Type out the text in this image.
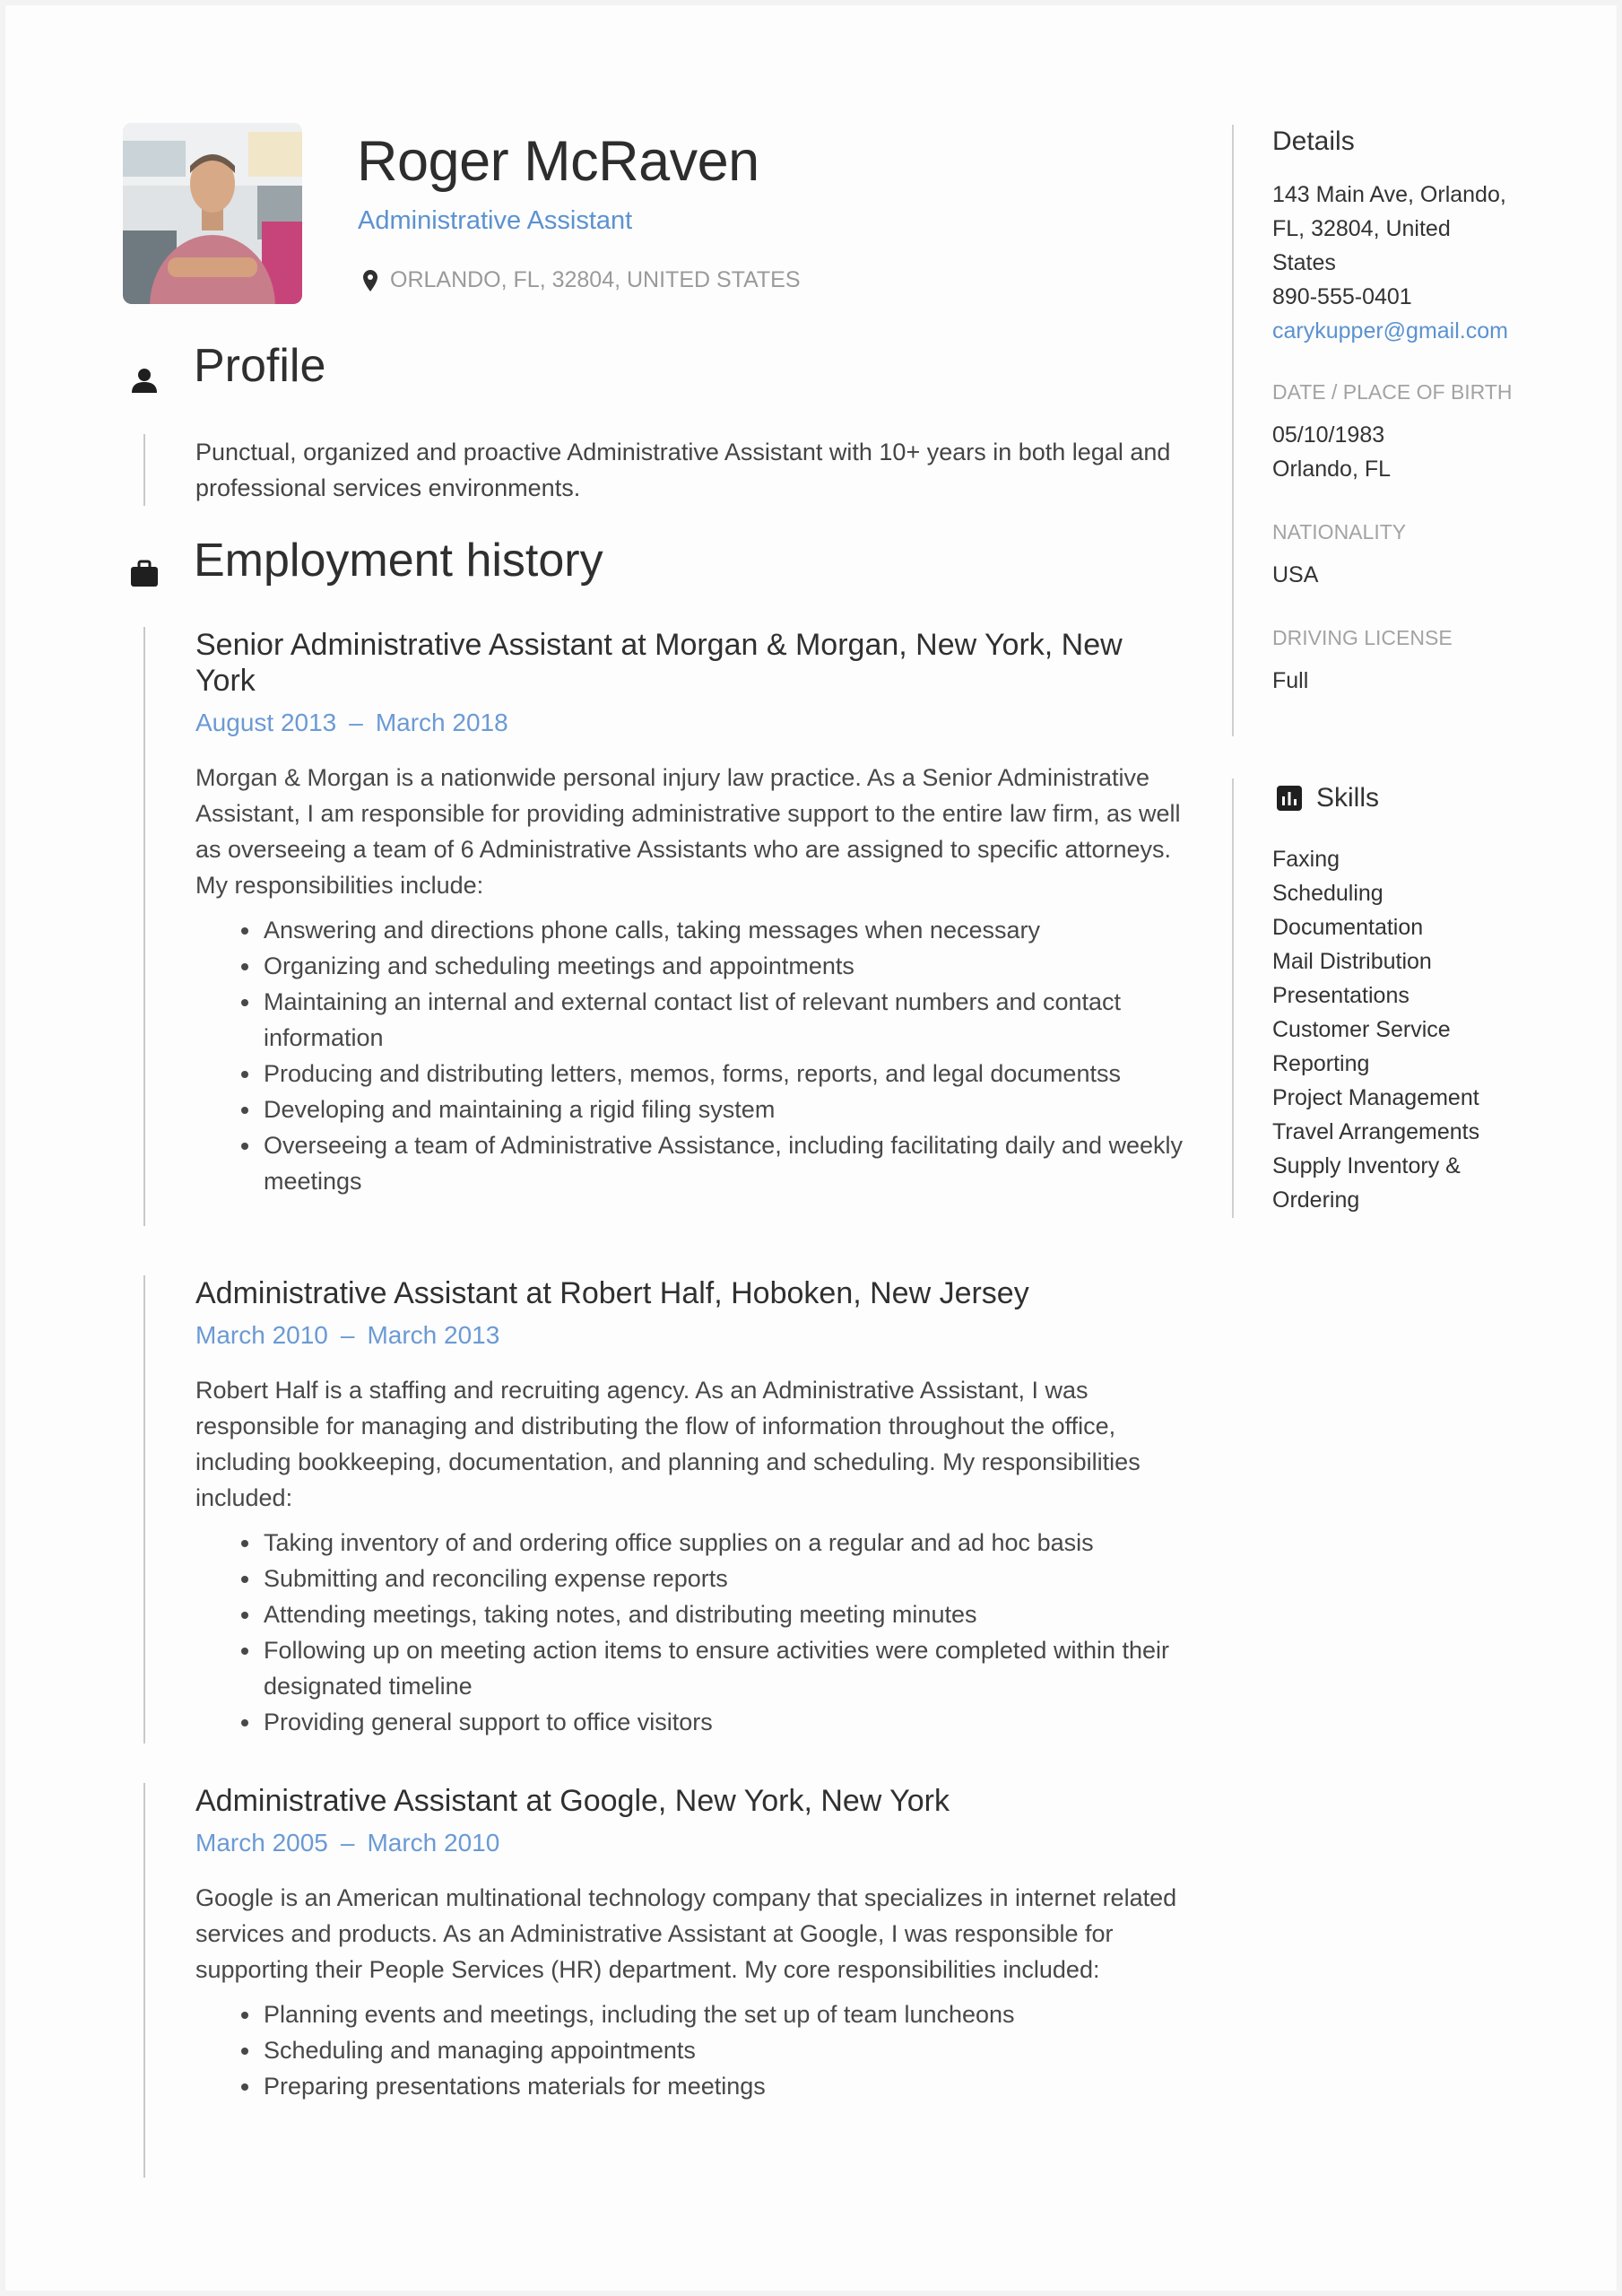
Roger McRaven
Administrative Assistant
ORLANDO, FL, 32804, UNITED STATES
Profile

Punctual, organized and proactive Administrative Assistant with 10+ years in both legal and professional services environments.

Employment history

Senior Administrative Assistant at Morgan & Morgan, New York, New York

August 2013 – March 2018

Morgan & Morgan is a nationwide personal injury law practice. As a Senior Administrative Assistant, I am responsible for providing administrative support to the entire law firm, as well as overseeing a team of 6 Administrative Assistants who are assigned to specific attorneys. My responsibilities include:

• Answering and directions phone calls, taking messages when necessary
• Organizing and scheduling meetings and appointments
• Maintaining an internal and external contact list of relevant numbers and contact information
• Producing and distributing letters, memos, forms, reports, and legal documentss
• Developing and maintaining a rigid filing system
• Overseeing a team of Administrative Assistance, including facilitating daily and weekly meetings

Administrative Assistant at Robert Half, Hoboken, New Jersey

March 2010 – March 2013

Robert Half is a staffing and recruiting agency. As an Administrative Assistant, I was responsible for managing and distributing the flow of information throughout the office, including bookkeeping, documentation, and planning and scheduling. My responsibilities included:

• Taking inventory of and ordering office supplies on a regular and ad hoc basis
• Submitting and reconciling expense reports
• Attending meetings, taking notes, and distributing meeting minutes
• Following up on meeting action items to ensure activities were completed within their designated timeline
• Providing general support to office visitors

Administrative Assistant at Google, New York, New York

March 2005 – March 2010

Google is an American multinational technology company that specializes in internet related services and products. As an Administrative Assistant at Google, I was responsible for supporting their People Services (HR) department. My core responsibilities included:

• Planning events and meetings, including the set up of team luncheons
• Scheduling and managing appointments
• Preparing presentations materials for meetings

Details

143 Main Ave, Orlando,

FL, 32804, United

States

890-555-0401

carykupper@gmail.com

DATE / PLACE OF BIRTH

05/10/1983

Orlando, FL

NATIONALITY

USA

DRIVING LICENSE

Full

Skills
Faxing
Scheduling
Documentation
Mail Distribution
Presentations
Customer Service
Reporting
Project Management
Travel Arrangements
Supply Inventory &
Ordering
